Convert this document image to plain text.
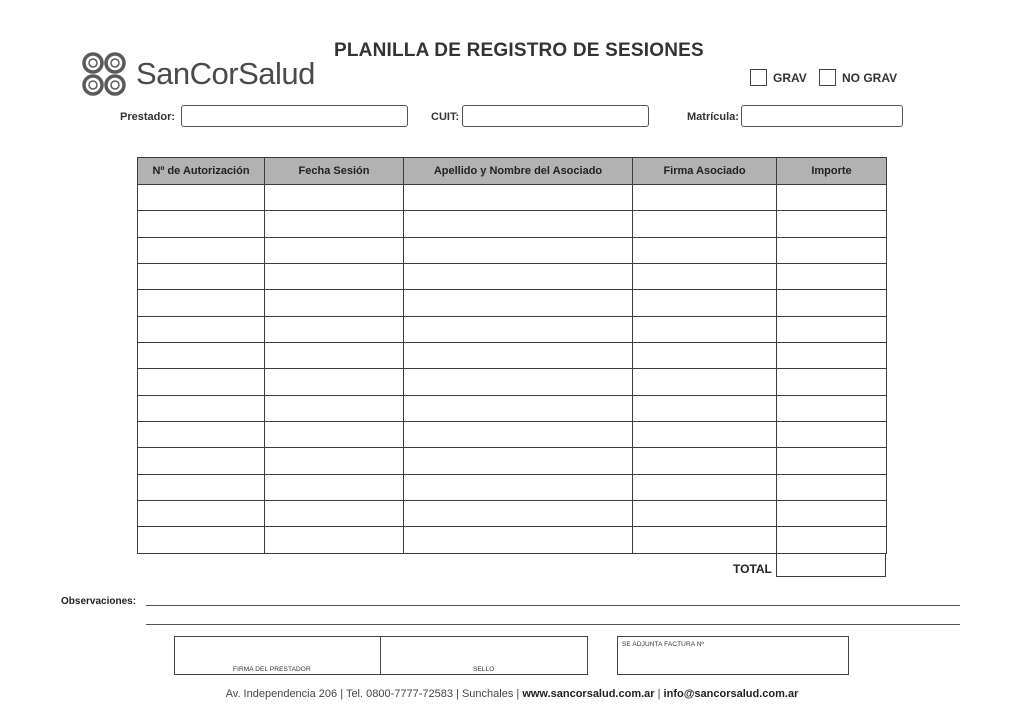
SanCorSalud
PLANILLA DE REGISTRO DE SESIONES
GRAV	NO GRAV
Prestador:	CUIT:	Matrícula:
Nº de Autorización	Fecha Sesión	Apellido y Nombre del Asociado	Firma Asociado	Importe

TOTAL
Observaciones:
FIRMA DEL PRESTADOR	SELLO
SE ADJUNTA FACTURA Nº
Av. Independencia 206 | Tel. 0800-7777-72583 | Sunchales | www.sancorsalud.com.ar | info@sancorsalud.com.ar
